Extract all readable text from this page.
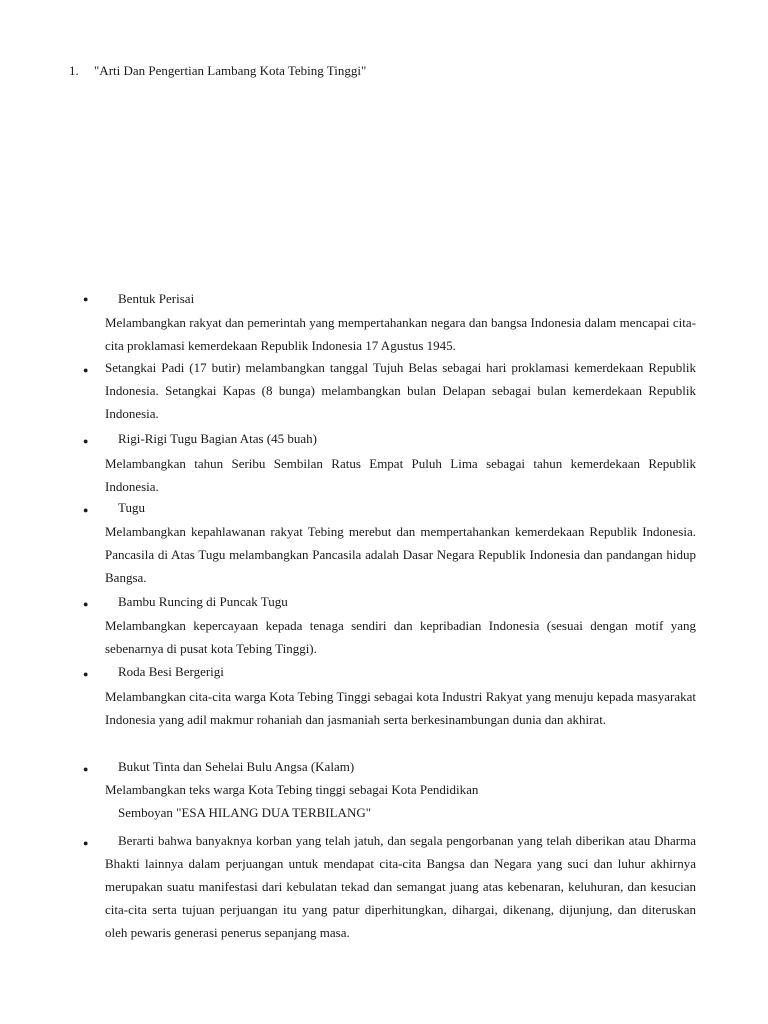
1. "Arti Dan Pengertian Lambang Kota Tebing Tinggi"
●
Bentuk Perisai
Melambangkan rakyat dan pemerintah yang mempertahankan negara dan bangsa Indonesia dalam mencapai cita-cita proklamasi kemerdekaan Republik Indonesia 17 Agustus 1945.
●
Setangkai Padi (17 butir) melambangkan tanggal Tujuh Belas sebagai hari proklamasi kemerdekaan Republik Indonesia. Setangkai Kapas (8 bunga) melambangkan bulan Delapan sebagai bulan kemerdekaan Republik Indonesia.
●
Rigi-Rigi Tugu Bagian Atas (45 buah)
Melambangkan tahun Seribu Sembilan Ratus Empat Puluh Lima sebagai tahun kemerdekaan Republik Indonesia.
●
Tugu
Melambangkan kepahlawanan rakyat Tebing merebut dan mempertahankan kemerdekaan Republik Indonesia. Pancasila di Atas Tugu melambangkan Pancasila adalah Dasar Negara Republik Indonesia dan pandangan hidup Bangsa.
●
Bambu Runcing di Puncak Tugu
Melambangkan kepercayaan kepada tenaga sendiri dan kepribadian Indonesia (sesuai dengan motif yang sebenarnya di pusat kota Tebing Tinggi).
●
Roda Besi Bergerigi
Melambangkan cita-cita warga Kota Tebing Tinggi sebagai kota Industri Rakyat yang menuju kepada masyarakat Indonesia yang adil makmur rohaniah dan jasmaniah serta berkesinambungan dunia dan akhirat.
●
Bukut Tinta dan Sehelai Bulu Angsa (Kalam)
Melambangkan teks warga Kota Tebing tinggi sebagai Kota Pendidikan
Semboyan "ESA HILANG DUA TERBILANG"
●
Berarti bahwa banyaknya korban yang telah jatuh, dan segala pengorbanan yang telah diberikan atau Dharma Bhakti lainnya dalam perjuangan untuk mendapat cita-cita Bangsa dan Negara yang suci dan luhur akhirnya merupakan suatu manifestasi dari kebulatan tekad dan semangat juang atas kebenaran, keluhuran, dan kesucian cita-cita serta tujuan perjuangan itu yang patur diperhitungkan, dihargai, dikenang, dijunjung, dan diteruskan oleh pewaris generasi penerus sepanjang masa.
